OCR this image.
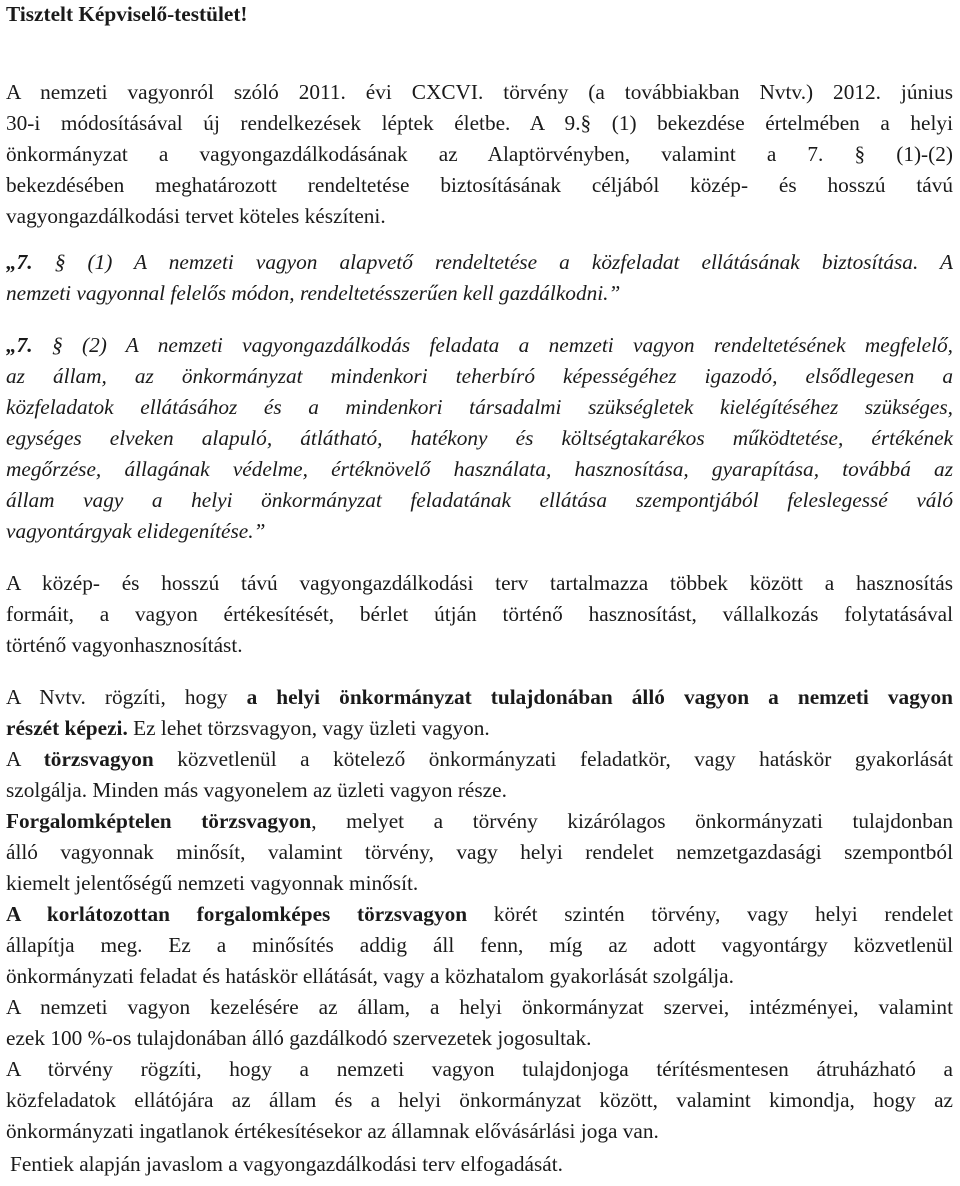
Tisztelt Képviselő-testület!
A nemzeti vagyonról szóló 2011. évi CXCVI. törvény (a továbbiakban Nvtv.) 2012. június
30-i módosításával új rendelkezések léptek életbe. A 9.§ (1) bekezdése értelmében a helyi
önkormányzat a vagyongazdálkodásának az Alaptörvényben, valamint a 7. § (1)-(2)
bekezdésében meghatározott rendeltetése biztosításának céljából közép- és hosszú távú
vagyongazdálkodási tervet köteles készíteni.
„7. § (1) A nemzeti vagyon alapvető rendeltetése a közfeladat ellátásának biztosítása. A
nemzeti vagyonnal felelős módon, rendeltetésszerűen kell gazdálkodni.”
„7. § (2) A nemzeti vagyongazdálkodás feladata a nemzeti vagyon rendeltetésének megfelelő,
az állam, az önkormányzat mindenkori teherbíró képességéhez igazodó, elsődlegesen a
közfeladatok ellátásához és a mindenkori társadalmi szükségletek kielégítéséhez szükséges,
egységes elveken alapuló, átlátható, hatékony és költségtakarékos működtetése, értékének
megőrzése, állagának védelme, értéknövelő használata, hasznosítása, gyarapítása, továbbá az
állam vagy a helyi önkormányzat feladatának ellátása szempontjából feleslegessé váló
vagyontárgyak elidegenítése.”
A közép- és hosszú távú vagyongazdálkodási terv tartalmazza többek között a hasznosítás
formáit, a vagyon értékesítését, bérlet útján történő hasznosítást, vállalkozás folytatásával
történő vagyonhasznosítást.
A Nvtv. rögzíti, hogy a helyi önkormányzat tulajdonában álló vagyon a nemzeti vagyon
részét képezi. Ez lehet törzsvagyon, vagy üzleti vagyon.
A törzsvagyon közvetlenül a kötelező önkormányzati feladatkör, vagy hatáskör gyakorlását
szolgálja. Minden más vagyonelem az üzleti vagyon része.
Forgalomképtelen törzsvagyon, melyet a törvény kizárólagos önkormányzati tulajdonban
álló vagyonnak minősít, valamint törvény, vagy helyi rendelet nemzetgazdasági szempontból
kiemelt jelentőségű nemzeti vagyonnak minősít.
A korlátozottan forgalomképes törzsvagyon körét szintén törvény, vagy helyi rendelet
állapítja meg. Ez a minősítés addig áll fenn, míg az adott vagyontárgy közvetlenül
önkormányzati feladat és hatáskör ellátását, vagy a közhatalom gyakorlását szolgálja.
A nemzeti vagyon kezelésére az állam, a helyi önkormányzat szervei, intézményei, valamint
ezek 100 %-os tulajdonában álló gazdálkodó szervezetek jogosultak.
A törvény rögzíti, hogy a nemzeti vagyon tulajdonjoga térítésmentesen átruházható a
közfeladatok ellátójára az állam és a helyi önkormányzat között, valamint kimondja, hogy az
önkormányzati ingatlanok értékesítésekor az államnak elővásárlási joga van.
Fentiek alapján javaslom a vagyongazdálkodási terv elfogadását.
